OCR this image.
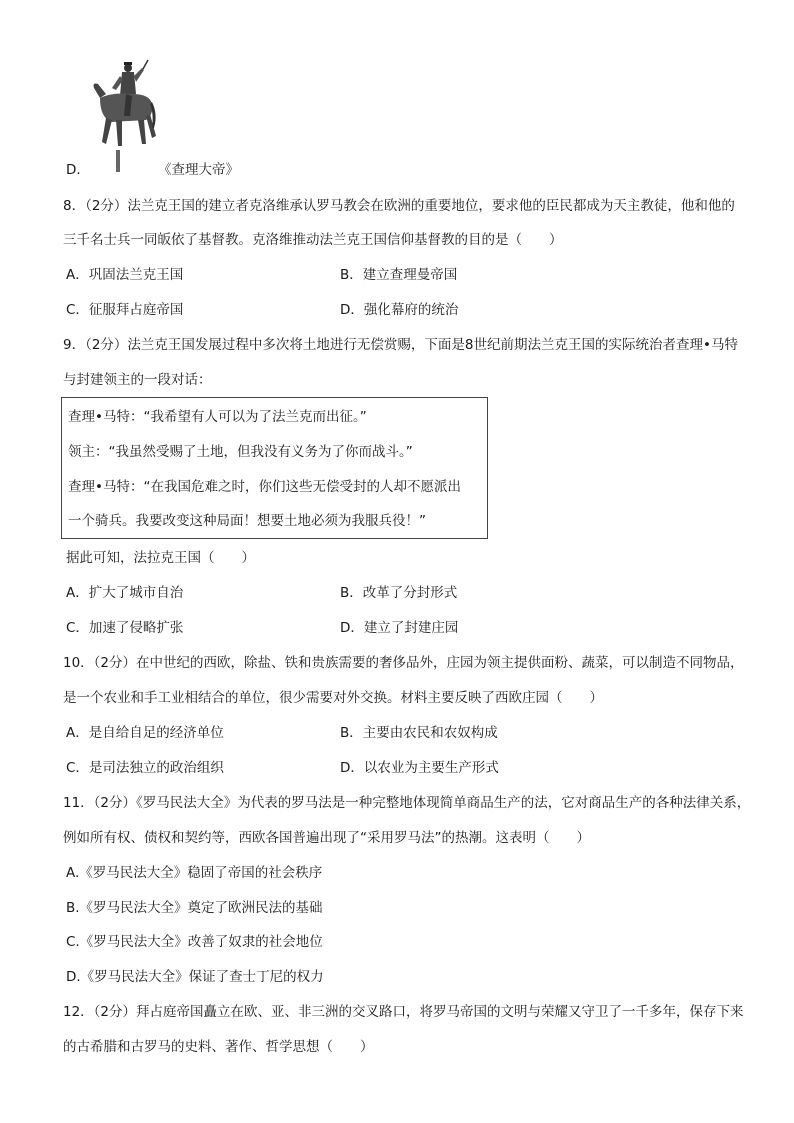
D．	《查理大帝》
8．（2分）法兰克王国的建立者克洛维承认罗马教会在欧洲的重要地位，要求他的臣民都成为天主教徒，他和他的
三千名士兵一同皈依了基督教。克洛维推动法兰克王国信仰基督教的目的是（　　）
A．巩固法兰克王国	B．建立查理曼帝国
C．征服拜占庭帝国	D．强化幕府的统治
9．（2分）法兰克王国发展过程中多次将土地进行无偿赏赐，下面是8世纪前期法兰克王国的实际统治者查理•马特
与封建领主的一段对话：
查理•马特：“我希望有人可以为了法兰克而出征。”
领主：“我虽然受赐了土地，但我没有义务为了你而战斗。”
查理•马特：“在我国危难之时，你们这些无偿受封的人却不愿派出
一个骑兵。我要改变这种局面！想要土地必须为我服兵役！”
据此可知，法拉克王国（　　）
A．扩大了城市自治	B．改革了分封形式
C．加速了侵略扩张	D．建立了封建庄园
10．（2分）在中世纪的西欧，除盐、铁和贵族需要的奢侈品外，庄园为领主提供面粉、蔬菜，可以制造不同物品，
是一个农业和手工业相结合的单位，很少需要对外交换。材料主要反映了西欧庄园（　　）
A．是自给自足的经济单位	B．主要由农民和农奴构成
C．是司法独立的政治组织	D．以农业为主要生产形式
11．（2分）《罗马民法大全》为代表的罗马法是一种完整地体现简单商品生产的法，它对商品生产的各种法律关系，
例如所有权、债权和契约等，西欧各国普遍出现了“采用罗马法”的热潮。这表明（　　）
A.《罗马民法大全》稳固了帝国的社会秩序
B.《罗马民法大全》奠定了欧洲民法的基础
C.《罗马民法大全》改善了奴隶的社会地位
D.《罗马民法大全》保证了查士丁尼的权力
12．（2分）拜占庭帝国矗立在欧、亚、非三洲的交叉路口，将罗马帝国的文明与荣耀又守卫了一千多年，保存下来
的古希腊和古罗马的史料、著作、哲学思想（　　）
